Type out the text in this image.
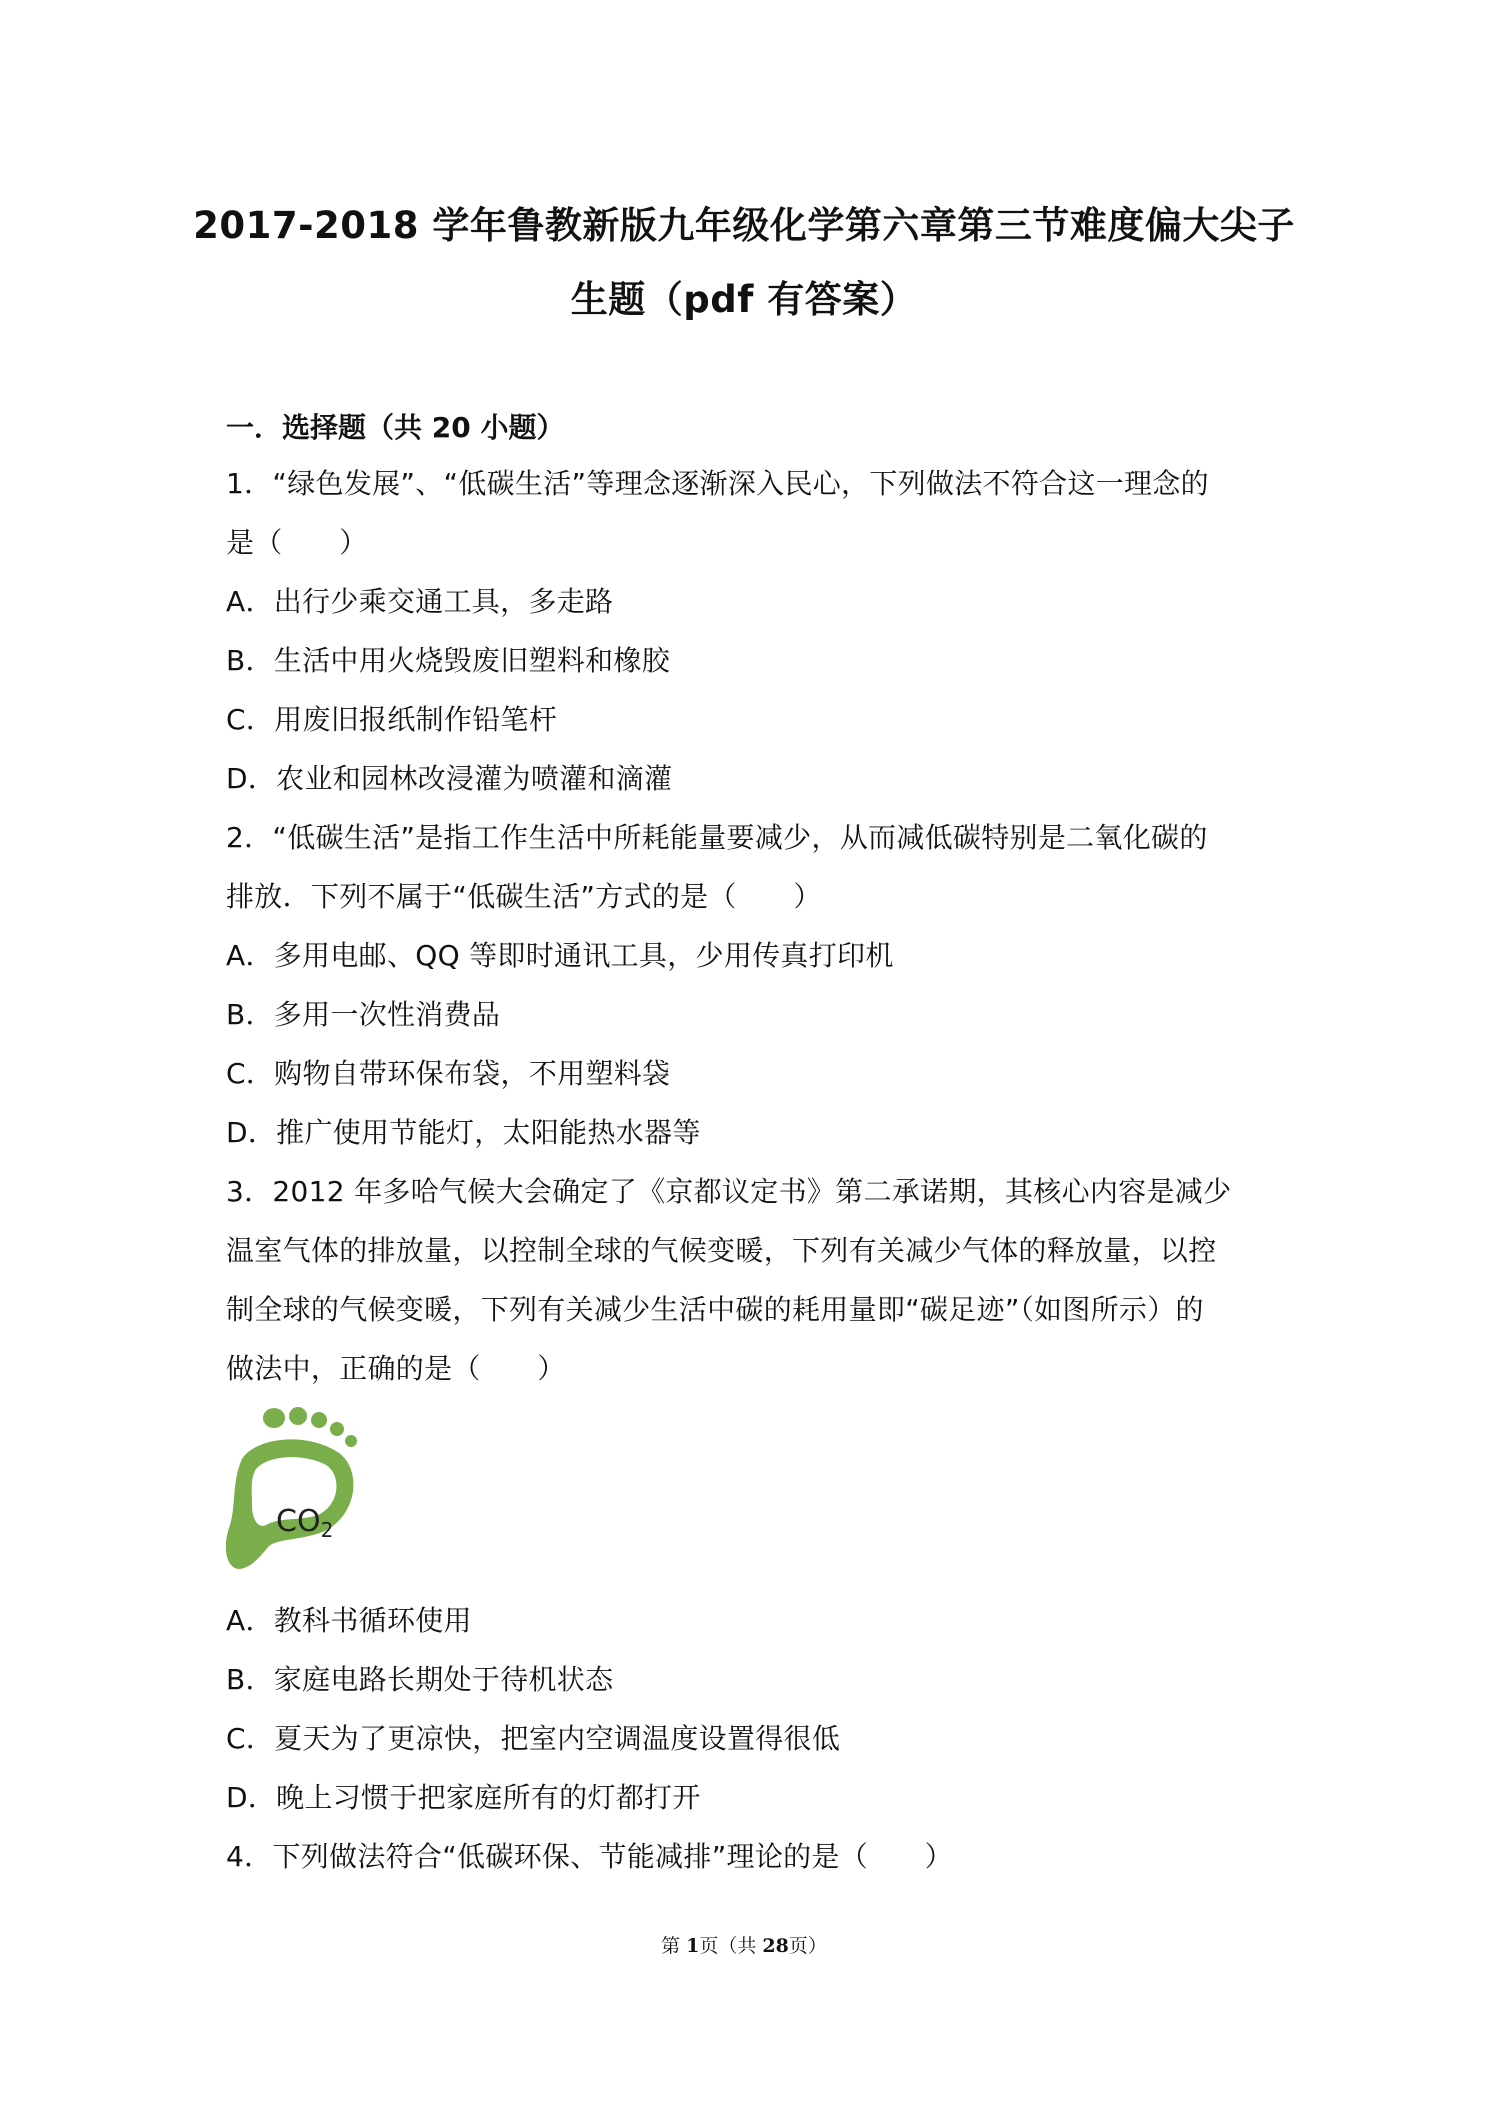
2017-2018 学年鲁教新版九年级化学第六章第三节难度偏大尖子
生题（pdf 有答案）
一．选择题（共 20 小题）
1．“绿色发展”、“低碳生活”等理念逐渐深入民心，下列做法不符合这一理念的
是（　　）
A．出行少乘交通工具，多走路
B．生活中用火烧毁废旧塑料和橡胶
C．用废旧报纸制作铅笔杆
D．农业和园林改浸灌为喷灌和滴灌
2．“低碳生活”是指工作生活中所耗能量要减少，从而减低碳特别是二氧化碳的
排放．下列不属于“低碳生活”方式的是（　　）
A．多用电邮、QQ 等即时通讯工具，少用传真打印机
B．多用一次性消费品
C．购物自带环保布袋，不用塑料袋
D．推广使用节能灯，太阳能热水器等
3．2012 年多哈气候大会确定了《京都议定书》第二承诺期，其核心内容是减少
温室气体的排放量，以控制全球的气候变暖，下列有关减少气体的释放量，以控
制全球的气候变暖，下列有关减少生活中碳的耗用量即“碳足迹”（如图所示）的
做法中，正确的是（　　）
$CO_2$
A．教科书循环使用
B．家庭电路长期处于待机状态
C．夏天为了更凉快，把室内空调温度设置得很低
D．晚上习惯于把家庭所有的灯都打开
4．下列做法符合“低碳环保、节能减排”理论的是（　　）
第 1页（共 28页）
